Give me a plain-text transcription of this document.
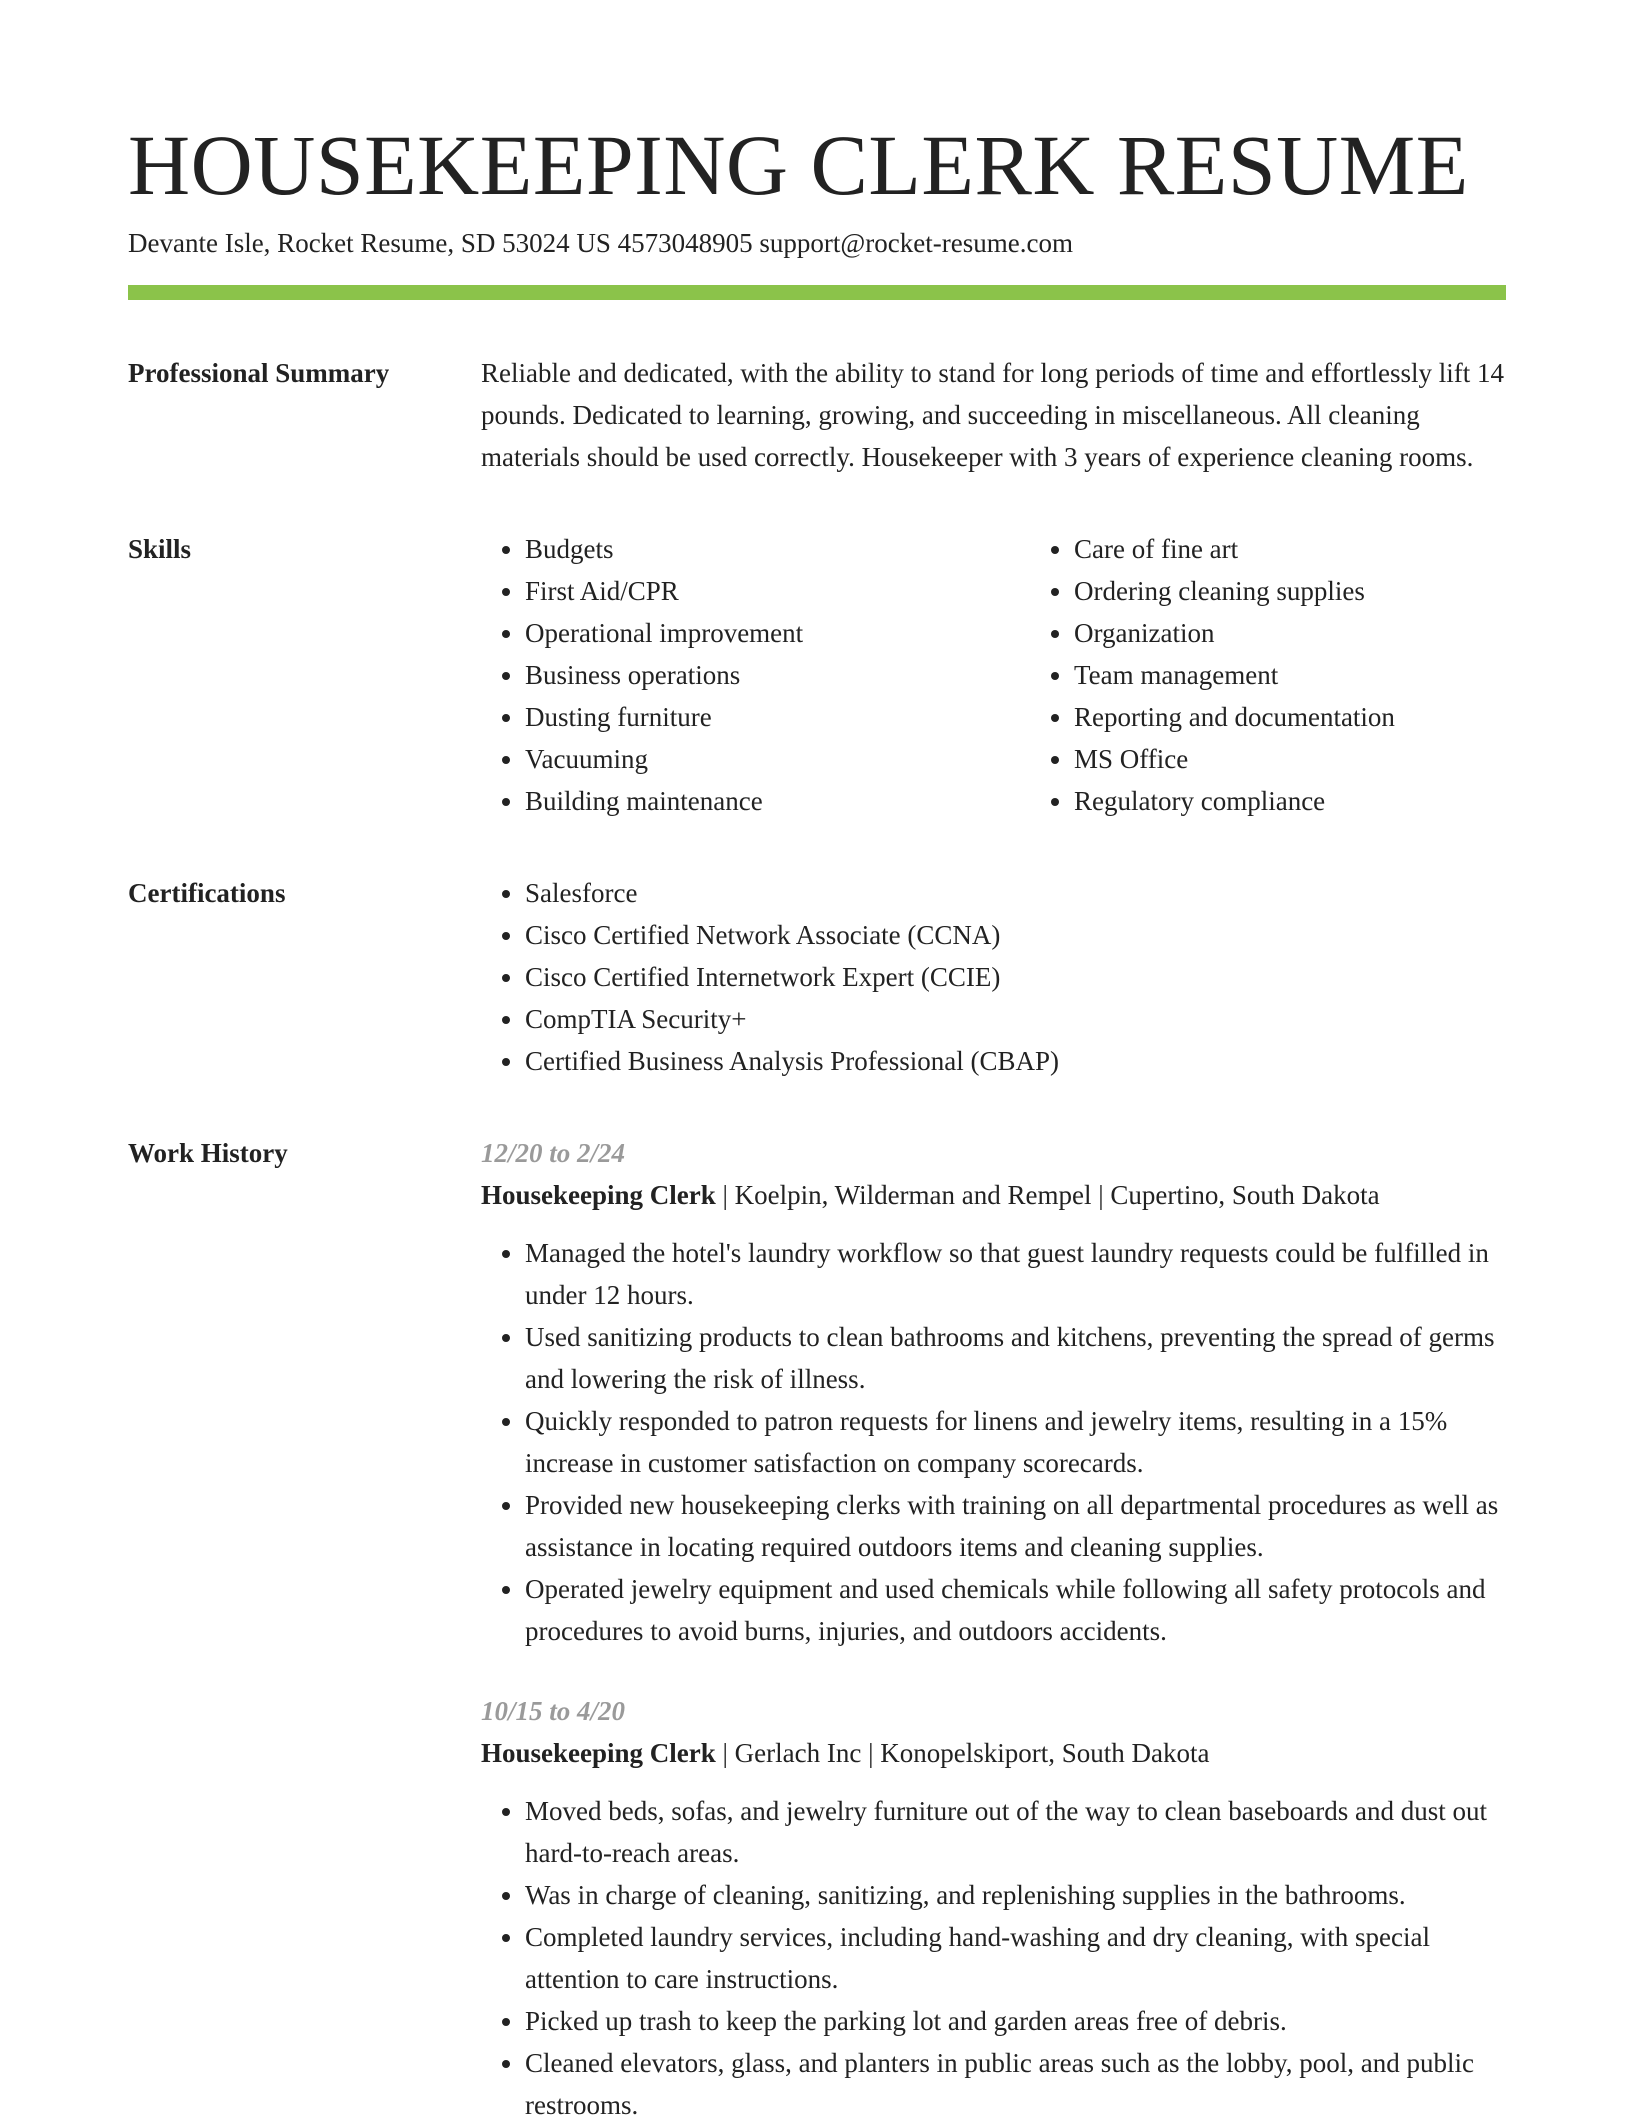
HOUSEKEEPING CLERK RESUME
Devante Isle, Rocket Resume, SD 53024 US 4573048905 support@rocket-resume.com
Professional Summary	Reliable and dedicated, with the ability to stand for long periods of time and effortlessly lift 14 pounds. Dedicated to learning, growing, and succeeding in miscellaneous. All cleaning materials should be used correctly. Housekeeper with 3 years of experience cleaning rooms.

Skills	• Budgets
• First Aid/CPR
• Operational improvement
• Business operations
• Dusting furniture
• Vacuuming
• Building maintenance
• Care of fine art
• Ordering cleaning supplies
• Organization
• Team management
• Reporting and documentation
• MS Office
• Regulatory compliance
Certifications	• Salesforce
• Cisco Certified Network Associate (CCNA)
• Cisco Certified Internetwork Expert (CCIE)
• CompTIA Security+
• Certified Business Analysis Professional (CBAP)
Work History	12/20 to 2/24
Housekeeping Clerk | Koelpin, Wilderman and Rempel | Cupertino, South Dakota
• Managed the hotel's laundry workflow so that guest laundry requests could be fulfilled in under 12 hours.
• Used sanitizing products to clean bathrooms and kitchens, preventing the spread of germs and lowering the risk of illness.
• Quickly responded to patron requests for linens and jewelry items, resulting in a 15% increase in customer satisfaction on company scorecards.
• Provided new housekeeping clerks with training on all departmental procedures as well as assistance in locating required outdoors items and cleaning supplies.
• Operated jewelry equipment and used chemicals while following all safety protocols and procedures to avoid burns, injuries, and outdoors accidents.
10/15 to 4/20
Housekeeping Clerk | Gerlach Inc | Konopelskiport, South Dakota
• Moved beds, sofas, and jewelry furniture out of the way to clean baseboards and dust out hard-to-reach areas.
• Was in charge of cleaning, sanitizing, and replenishing supplies in the bathrooms.
• Completed laundry services, including hand-washing and dry cleaning, with special attention to care instructions.
• Picked up trash to keep the parking lot and garden areas free of debris.
• Cleaned elevators, glass, and planters in public areas such as the lobby, pool, and public restrooms.
